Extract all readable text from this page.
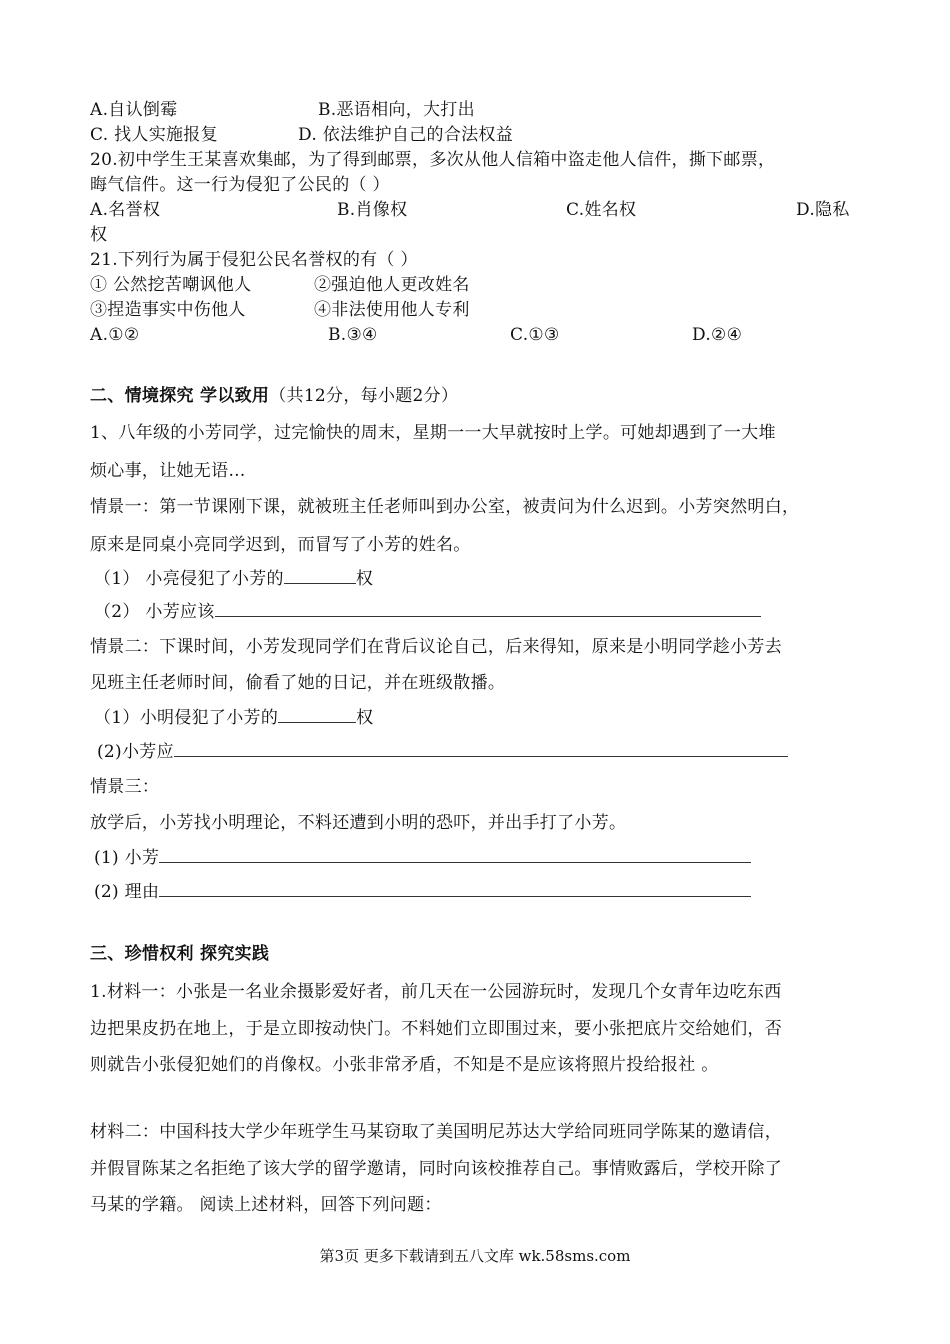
A.自认倒霉	B.恶语相向，大打出
C. 找人实施报复	D. 依法维护自己的合法权益
20.初中学生王某喜欢集邮，为了得到邮票，多次从他人信箱中盗走他人信件，撕下邮票，
晦气信件。这一行为侵犯了公民的（ ）
A.名誉权	B.肖像权	C.姓名权	D.隐私
权
21.下列行为属于侵犯公民名誉权的有（ ）
① 公然挖苦嘲讽他人	②强迫他人更改姓名
③捏造事实中伤他人	④非法使用他人专利
A.①②	B.③④	C.①③	D.②④
二、情境探究 学以致用（共12分，每小题2分）
1、八年级的小芳同学，过完愉快的周末，星期一一大早就按时上学。可她却遇到了一大堆
烦心事，让她无语…
情景一：第一节课刚下课，就被班主任老师叫到办公室，被责问为什么迟到。小芳突然明白，
原来是同桌小亮同学迟到，而冒写了小芳的姓名。
（1） 小亮侵犯了小芳的	权
（2） 小芳应该
情景二：下课时间，小芳发现同学们在背后议论自己，后来得知，原来是小明同学趁小芳去
见班主任老师时间，偷看了她的日记，并在班级散播。
（1）小明侵犯了小芳的	权
(2)小芳应
情景三：
放学后，小芳找小明理论，不料还遭到小明的恐吓，并出手打了小芳。
(1) 小芳
(2) 理由
三、珍惜权利 探究实践
1.材料一：小张是一名业余摄影爱好者，前几天在一公园游玩时，发现几个女青年边吃东西
边把果皮扔在地上，于是立即按动快门。不料她们立即围过来，要小张把底片交给她们，否
则就告小张侵犯她们的肖像权。小张非常矛盾，不知是不是应该将照片投给报社 。
材料二：中国科技大学少年班学生马某窃取了美国明尼苏达大学给同班同学陈某的邀请信，
并假冒陈某之名拒绝了该大学的留学邀请，同时向该校推荐自己。事情败露后，学校开除了
马某的学籍。 阅读上述材料，回答下列问题：
第3页 更多下载请到五八文库 wk.58sms.com
